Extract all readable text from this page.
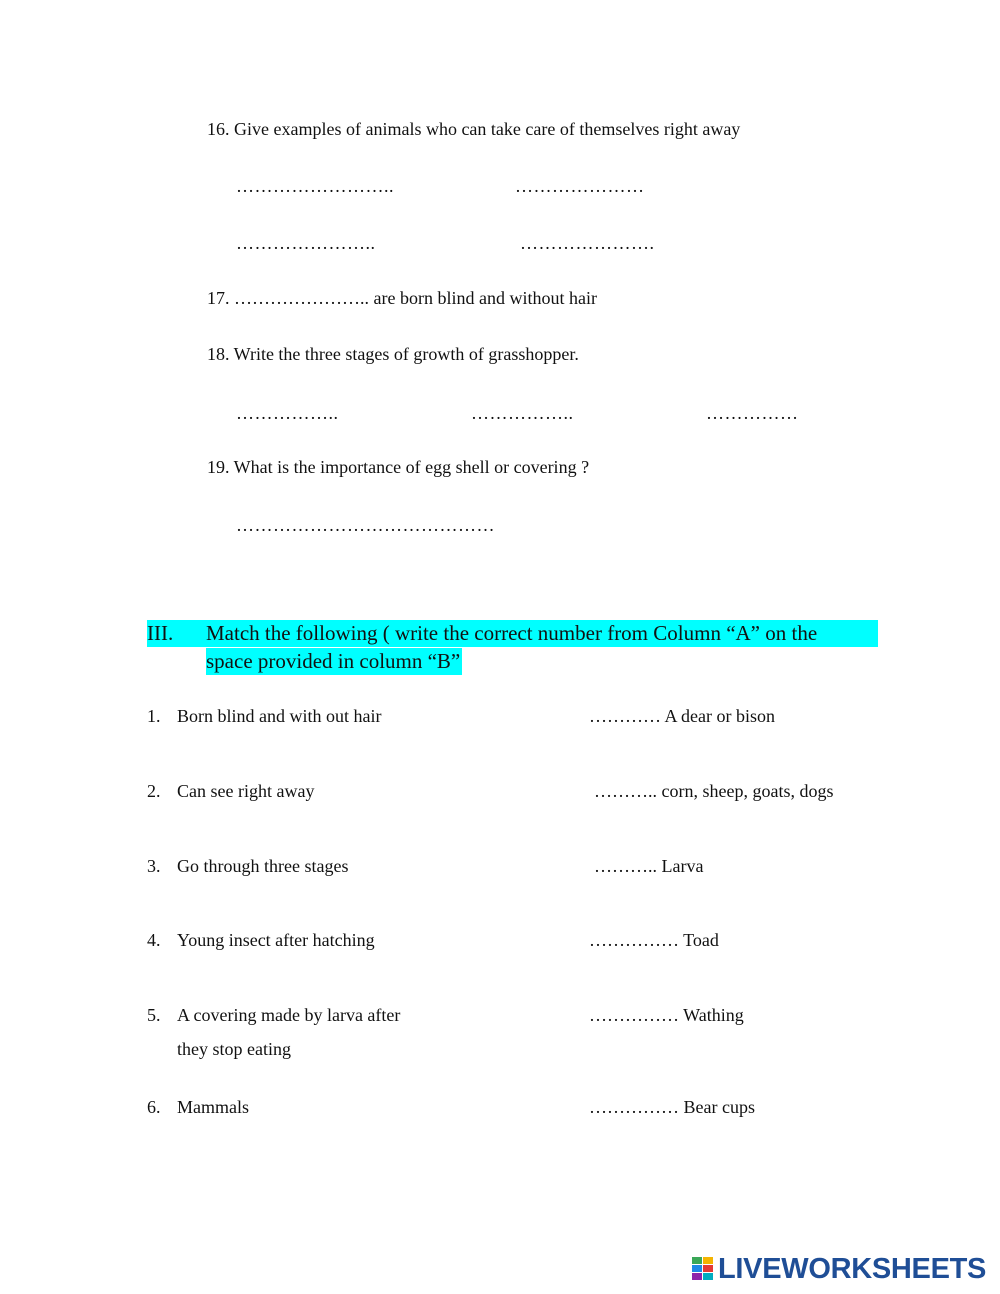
16. Give examples of animals who can take care of themselves right away
……………………..	…………………
…………………..	………………….
17. ………………….. are born blind and without hair
18. Write the three stages of growth of grasshopper.
……………..	……………..	……………
19. What is the importance of egg shell or covering ?
……………………………………
III.	Match the following ( write the correct number from Column “A” on the
space provided in column “B”
1. Born blind and with out hair	………… A dear or bison
2. Can see right away	……….. corn, sheep, goats, dogs
3. Go through three stages	……….. Larva
4. Young insect after hatching	…………… Toad
5. A covering made by larva after
they stop eating
…………… Wathing
6. Mammals	…………… Bear cups
LIVEWORKSHEETS
